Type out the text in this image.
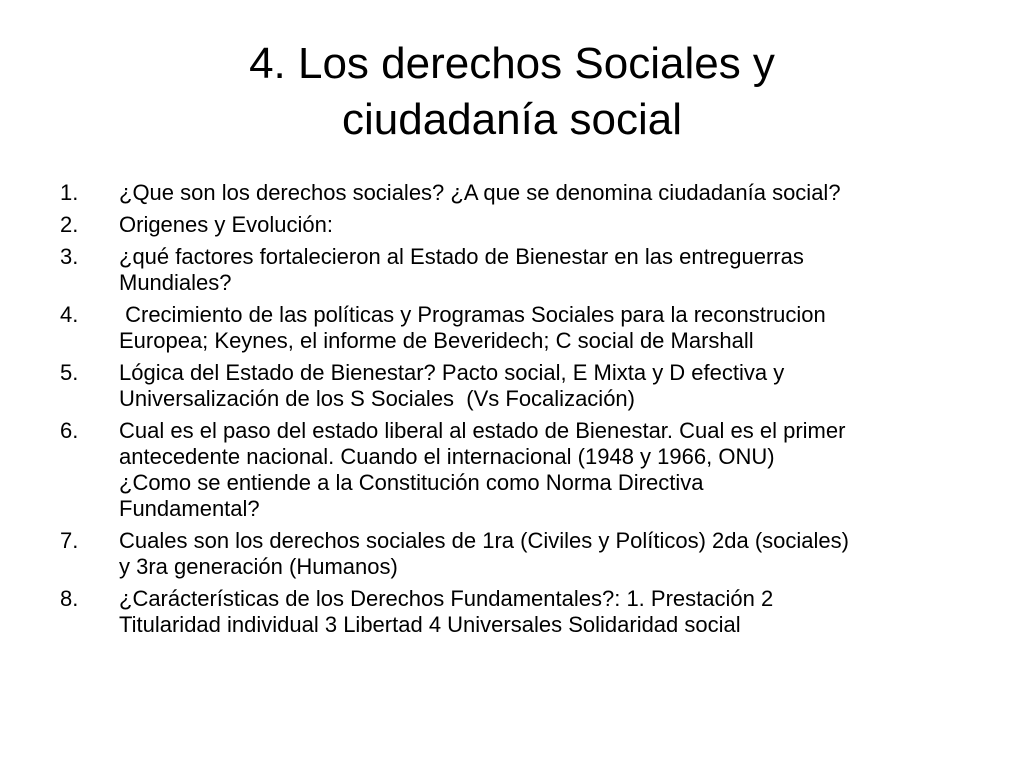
4. Los derechos Sociales y
ciudadanía social
1.	¿Que son los derechos sociales? ¿A que se denomina ciudadanía social?
2.	Origenes y Evolución:
3.	¿qué factores fortalecieron al Estado de Bienestar en las entreguerras
Mundiales?
4.	Crecimiento de las políticas y Programas Sociales para la reconstrucion
Europea; Keynes, el informe de Beveridech; C social de Marshall
5.	Lógica del Estado de Bienestar? Pacto social, E Mixta y D efectiva y
Universalización de los S Sociales  (Vs Focalización)
6.	Cual es el paso del estado liberal al estado de Bienestar. Cual es el primer
antecedente nacional. Cuando el internacional (1948 y 1966, ONU)
¿Como se entiende a la Constitución como Norma Directiva
Fundamental?
7.	Cuales son los derechos sociales de 1ra (Civiles y Políticos) 2da (sociales)
y 3ra generación (Humanos)
8.	¿Carácterísticas de los Derechos Fundamentales?: 1. Prestación 2
Titularidad individual 3 Libertad 4 Universales Solidaridad social
